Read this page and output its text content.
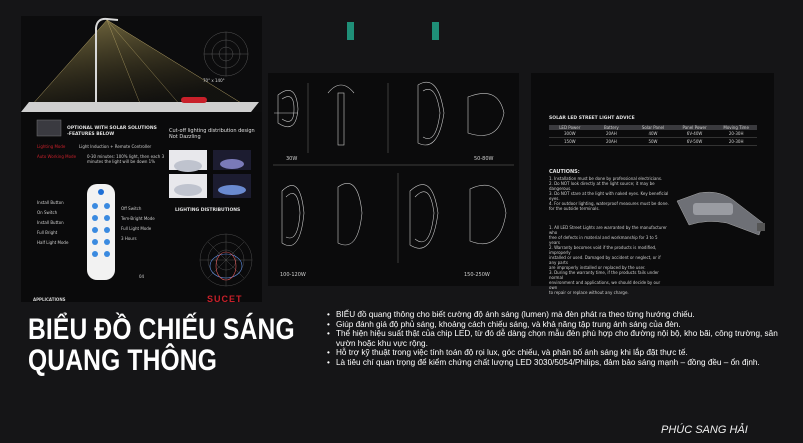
70° x 140°
OPTIONAL WITH SOLAR SOLUTIONS -FEATURES BELOW
Lighting Mode	Light Induction + Remote Controller
Auto Working Mode	0-30 minutes: 100% light, then each 3 minutes the light will be down 1%
Cut-off lighting distribution design Not Dazzling
Install Button
On Switch
Install Button
Full Bright
Half Light Mode
Off Switch
Tem-Bright Mode
Full Light Mode
3 Hours
LIGHTING DISTRIBUTIONS
04
APPLICATIONS	SUCET
30W	50-80W
100-120W	150-250W
SOLAR LED STREET LIGHT ADVICE
LED Power	Battery	Solar Panel	Panel Power	Moving Time
300W	20AH	40W	6V-40W	20-30H
150W	20AH	50W	6V-50W	20-30H
CAUTIONS:
1. Installation must be done by professional electricians.
2. Do NOT look directly at the light source; it may be dangerous.
3. Do NOT stare at the light with naked eyes. Key beneficial eyes.
4. For outdoor lighting, waterproof measures must be done.
for the outside terminals.
1. All LED Street Lights are warranted by the manufacturer who
free of defects in material and workmanship for 3 to 5 years
2. Warranty becomes void if the products is modified, improperly
installed or used. Damaged by accident or neglect, or if any parts
are improperly installed or replaced by the user.
3. During the warranty time, if the products fails under normal
environment and applications, we should decide by our own
to repair or replace without any charge.
BIỂU ĐỒ CHIẾU SÁNG
QUANG THÔNG
• BIẾU đồ quang thông cho biết cường độ ánh sáng (lumen) mà đèn phát ra theo từng hướng chiếu.
• Giúp đánh giá độ phủ sáng, khoảng cách chiếu sáng, và khả năng tập trung ánh sáng của đèn.
• Thể hiện hiệu suất thật của chip LED, từ đó dễ dàng chọn mẫu đèn phù hợp cho đường nội bộ, kho bãi, công trường, sân vườn hoặc khu vực rộng.
• Hỗ trợ kỹ thuật trong việc tính toán độ rọi lux, góc chiếu, và phân bố ánh sáng khi lắp đặt thực tế.
• Là tiêu chí quan trọng để kiểm chứng chất lượng LED 3030/5054/Philips, đảm bảo sáng mạnh – đồng đều – ổn định.
PHÚC SANG HẢI
